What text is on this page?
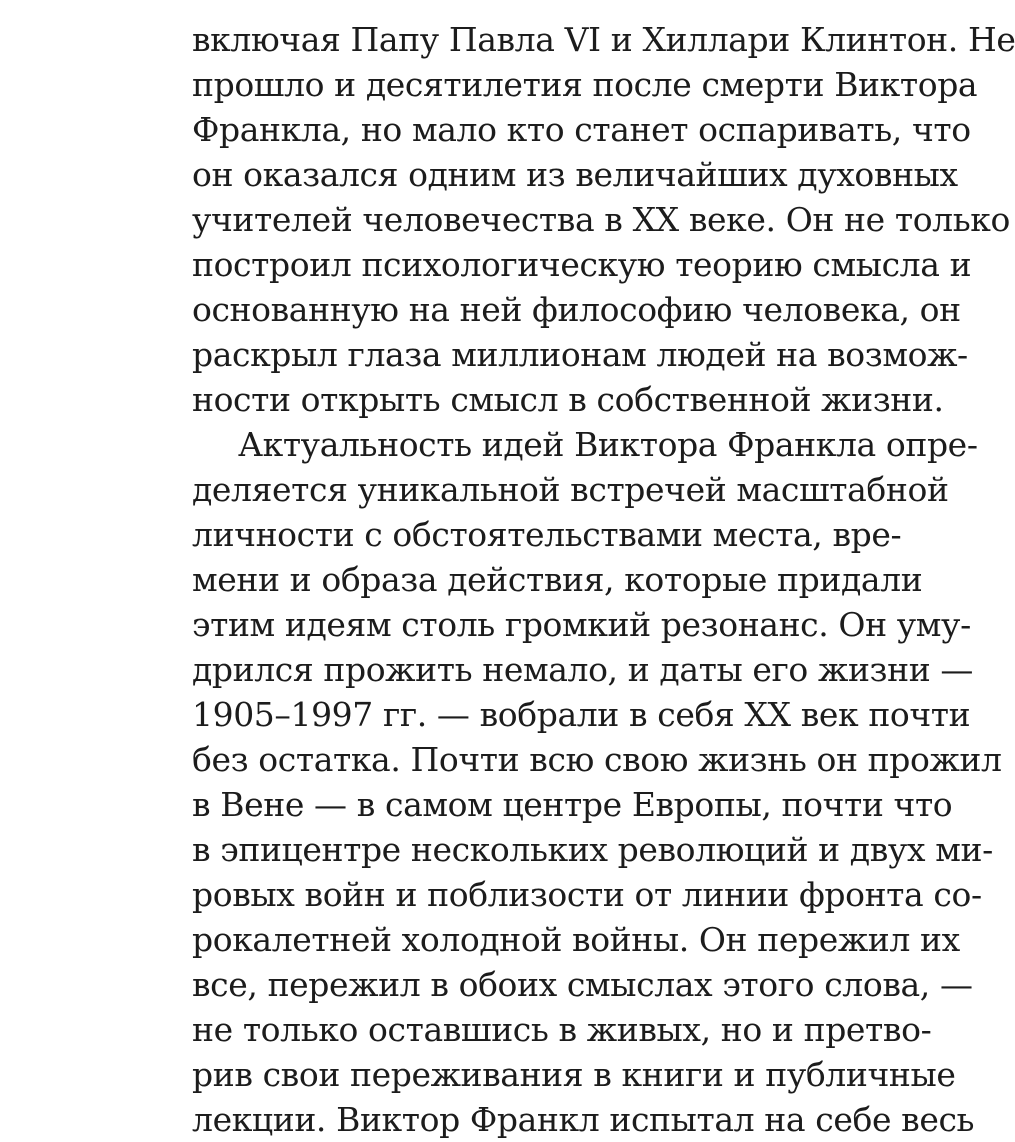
включая Папу Павла VI и Хиллари Клинтон. Не
прошло и десятилетия после смерти Виктора
Франкла, но мало кто станет оспаривать, что
он оказался одним из величайших духовных
учителей человечества в XX веке. Он не только
построил психологическую теорию смысла и
основанную на ней философию человека, он
раскрыл глаза миллионам людей на возмож-
ности открыть смысл в собственной жизни.
Актуальность идей Виктора Франкла опре-
деляется уникальной встречей масштабной
личности с обстоятельствами места, вре-
мени и образа действия, которые придали
этим идеям столь громкий резонанс. Он уму-
дрился прожить немало, и даты его жизни —
1905–1997 гг. — вобрали в себя XX век почти
без остатка. Почти всю свою жизнь он прожил
в Вене — в самом центре Европы, почти что
в эпицентре нескольких революций и двух ми-
ровых войн и поблизости от линии фронта со-
рокалетней холодной войны. Он пережил их
все, пережил в обоих смыслах этого слова, —
не только оставшись в живых, но и претво-
рив свои переживания в книги и публичные
лекции. Виктор Франкл испытал на себе весь
